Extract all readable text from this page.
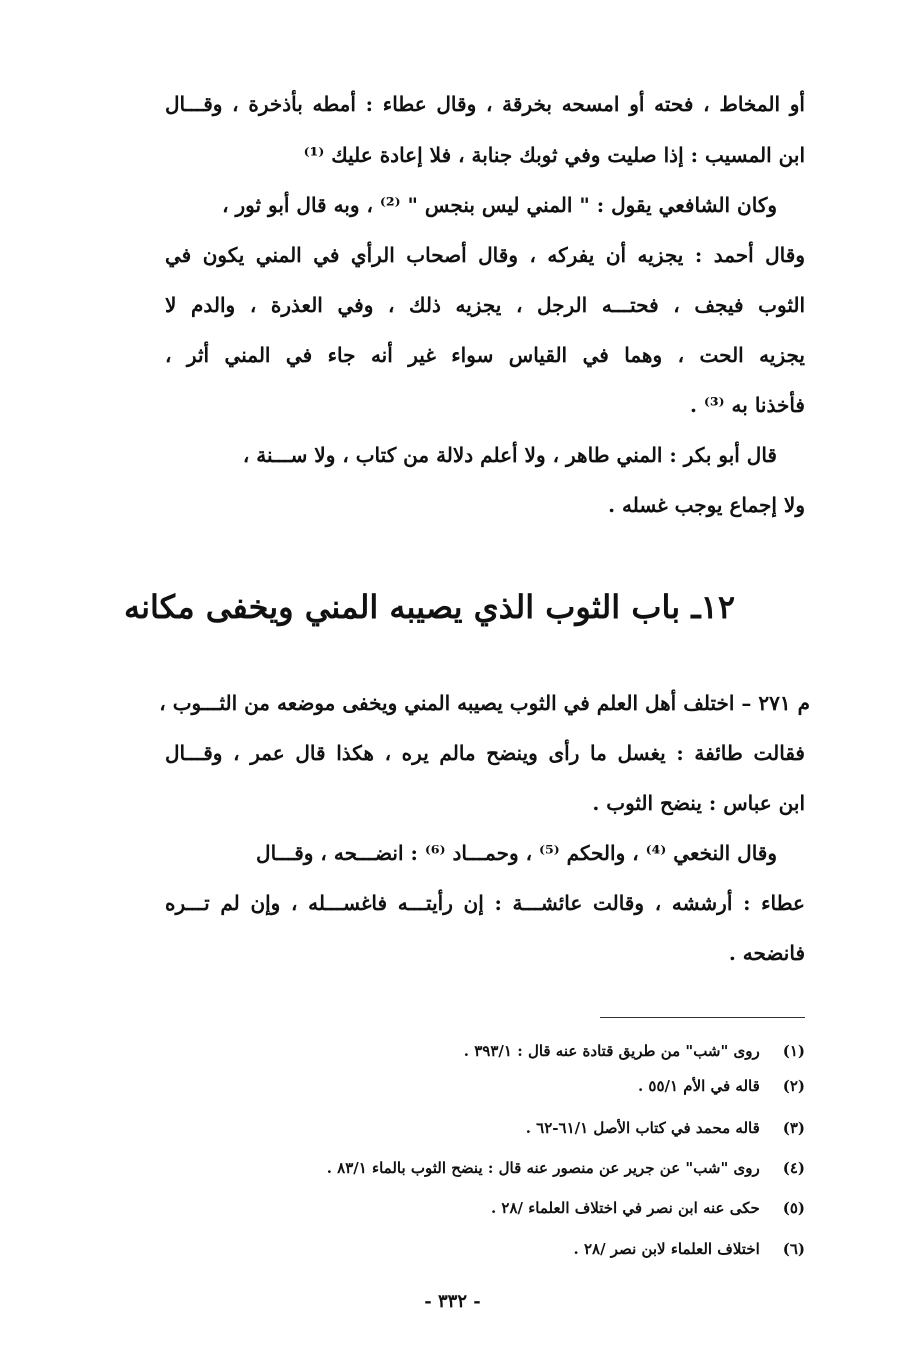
أو المخاط ، فحته أو امسحه بخرقة ، وقال عطاء : أمطه بأذخرة ، وقـــال
ابن المسيب : إذا صليت وفي ثوبك جنابة ، فلا إعادة عليك ⁽¹⁾
وكان الشافعي يقول : " المني ليس بنجس " ⁽²⁾ ، وبه قال أبو ثور ،
وقال أحمد : يجزيه أن يفركه ، وقال أصحاب الرأي في المني يكون في
الثوب فيجف ، فحتـــه الرجل ، يجزيه ذلك ، وفي العذرة ، والدم لا
يجزيه الحت ، وهما في القياس سواء غير أنه جاء في المني أثر ،
فأخذنا به ⁽³⁾ .
قال أبو بكر : المني طاهر ، ولا أعلم دلالة من كتاب ، ولا ســـنة ،
ولا إجماع يوجب غسله .
١٢ـ باب الثوب الذي يصيبه المني ويخفى مكانه
م ٢٧١ – اختلف أهل العلم في الثوب يصيبه المني ويخفى موضعه من الثـــوب ،
فقالت طائفة : يغسل ما رأى وينضح مالم يره ، هكذا قال عمر ، وقـــال
ابن عباس : ينضح الثوب .
وقال النخعي ⁽⁴⁾ ، والحكم ⁽⁵⁾ ، وحمـــاد ⁽⁶⁾ : انضـــحه ، وقـــال
عطاء : أرششه ، وقالت عائشـــة : إن رأيتـــه فاغســـله ، وإن لم تـــره
فانضحه .
(١) روى "شب" من طريق قتادة عنه قال : ٣٩٣/١ .
(٢) قاله في الأم ٥٥/١ .
(٣) قاله محمد في كتاب الأصل ٦١/١-٦٢ .
(٤) روى "شب" عن جرير عن منصور عنه قال : ينضح الثوب بالماء ٨٣/١ .
(٥) حكى عنه ابن نصر في اختلاف العلماء /٢٨ .
(٦) اختلاف العلماء لابن نصر /٢٨ .
- ٣٣٢ -
